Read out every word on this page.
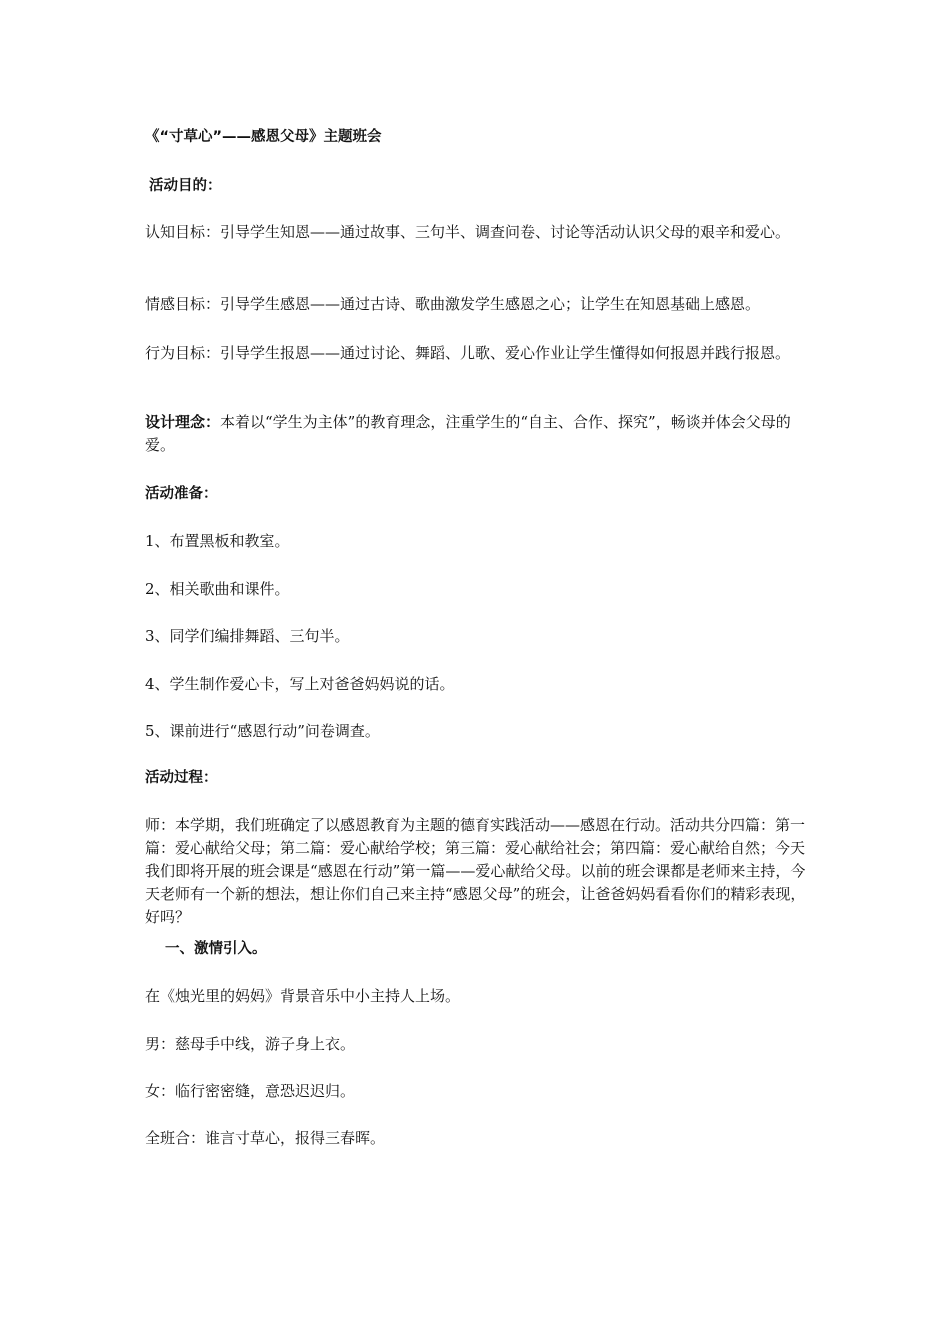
《“寸草心”——感恩父母》主题班会
活动目的：
认知目标：引导学生知恩——通过故事、三句半、调查问卷、讨论等活动认识父母的艰辛和爱心。
情感目标：引导学生感恩——通过古诗、歌曲激发学生感恩之心；让学生在知恩基础上感恩。
行为目标：引导学生报恩——通过讨论、舞蹈、儿歌、爱心作业让学生懂得如何报恩并践行报恩。
设计理念：本着以“学生为主体”的教育理念，注重学生的“自主、合作、探究”，畅谈并体会父母的爱。
活动准备：
1、布置黑板和教室。
2、相关歌曲和课件。
3、同学们编排舞蹈、三句半。
4、学生制作爱心卡，写上对爸爸妈妈说的话。
5、课前进行“感恩行动”问卷调查。
活动过程：
师：本学期，我们班确定了以感恩教育为主题的德育实践活动——感恩在行动。活动共分四篇：第一篇：爱心献给父母；第二篇：爱心献给学校；第三篇：爱心献给社会；第四篇：爱心献给自然；今天我们即将开展的班会课是“感恩在行动”第一篇——爱心献给父母。以前的班会课都是老师来主持，今天老师有一个新的想法，想让你们自己来主持“感恩父母”的班会，让爸爸妈妈看看你们的精彩表现，好吗？
一、激情引入。
在《烛光里的妈妈》背景音乐中小主持人上场。
男：慈母手中线，游子身上衣。
女：临行密密缝，意恐迟迟归。
全班合：谁言寸草心，报得三春晖。
